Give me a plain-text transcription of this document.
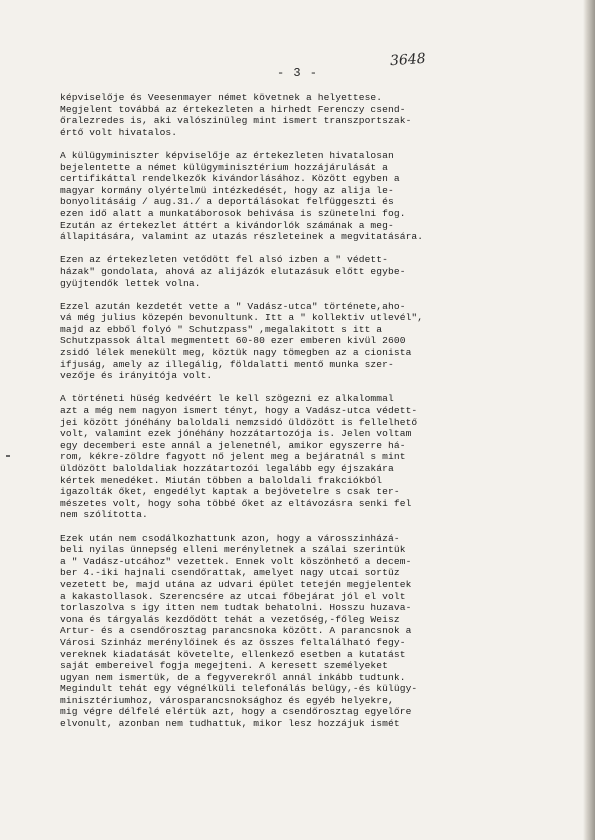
- 3 -
3648
képviselője és Veesenmayer német követnek a helyettese.
Megjelent továbbá az értekezleten a hirhedt Ferenczy csend-
őralezredes is, aki valószinüleg mint ismert transzportszak-
értő volt hivatalos.
A külügyminiszter képviselője az értekezleten hivatalosan
bejelentette a német külügyminisztérium hozzájárulását a
certifikáttal rendelkezők kivándorlásához. Között egyben a
magyar kormány olyértelmü intézkedését, hogy az alija le-
bonyolitásáig / aug.31./ a deportálásokat felfüggeszti és
ezen idő alatt a munkatáborosok behivása is szünetelni fog.
Ezután az értekezlet áttért a kivándorlók számának a meg-
állapitására, valamint az utazás részleteinek a megvitatására.
Ezen az értekezleten vetődött fel alsó izben a " védett-
házak" gondolata, ahová az alijázók elutazásuk előtt egybe-
gyüjtendők lettek volna.
Ezzel azután kezdetét vette a " Vadász-utca" története,aho-
vá még julius közepén bevonultunk. Itt a " kollektiv utlevél",
majd az ebből folyó " Schutzpass" ,megalakitott s itt a
Schutzpassok által megmentett 60-80 ezer emberen kivül 2600
zsidó lélek menekült meg, köztük nagy tömegben az a cionista
ifjuság, amely az illegálig, földalatti mentő munka szer-
vezője és irányitója volt.
A történeti hüség kedvéért le kell szögezni ez alkalommal
azt a még nem nagyon ismert tényt, hogy a Vadász-utca védett-
jei között jónéhány baloldali nemzsidó üldözött is fellelhető
volt, valamint ezek jónéhány hozzátartozója is. Jelen voltam
egy decemberi este annál a jelenetnél, amikor egyszerre há-
rom, kékre-zöldre fagyott nő jelent meg a bejáratnál s mint
üldözött baloldaliak hozzátartozói legalább egy éjszakára
kértek menedéket. Miután többen a baloldali frakciókból
igazolták őket, engedélyt kaptak a bejövetelre s csak ter-
mészetes volt, hogy soha többé őket az eltávozásra senki fel
nem szólította.
Ezek után nem csodálkozhattunk azon, hogy a városszinházá-
beli nyilas ünnepség elleni merényletnek a szálai szerintük
a " Vadász-utcához" vezettek. Ennek volt köszönhető a decem-
ber 4.-iki hajnali csendőrattak, amelyet nagy utcai sortüz
vezetett be, majd utána az udvari épület tetején megjelentek
a kakastollasok. Szerencsére az utcai főbejárat jól el volt
torlaszolva s igy itten nem tudtak behatolni. Hosszu huzava-
vona és tárgyalás kezdődött tehát a vezetőség,-főleg Weisz
Artur- és a csendőrosztag parancsnoka között. A parancsnok a
Városi Szinház merénylőinek és az összes feltalálható fegy-
vereknek kiadatását követelte, ellenkező esetben a kutatást
saját embereivel fogja megejteni. A keresett személyeket
ugyan nem ismertük, de a fegyverekről annál inkább tudtunk.
Megindult tehát egy végnélküli telefonálás belügy,-és külügy-
minisztériumhoz, városparancsnoksághoz és egyéb helyekre,
mig végre délfelé elértük azt, hogy a csendőrosztag egyelőre
elvonult, azonban nem tudhattuk, mikor lesz hozzájuk ismét
